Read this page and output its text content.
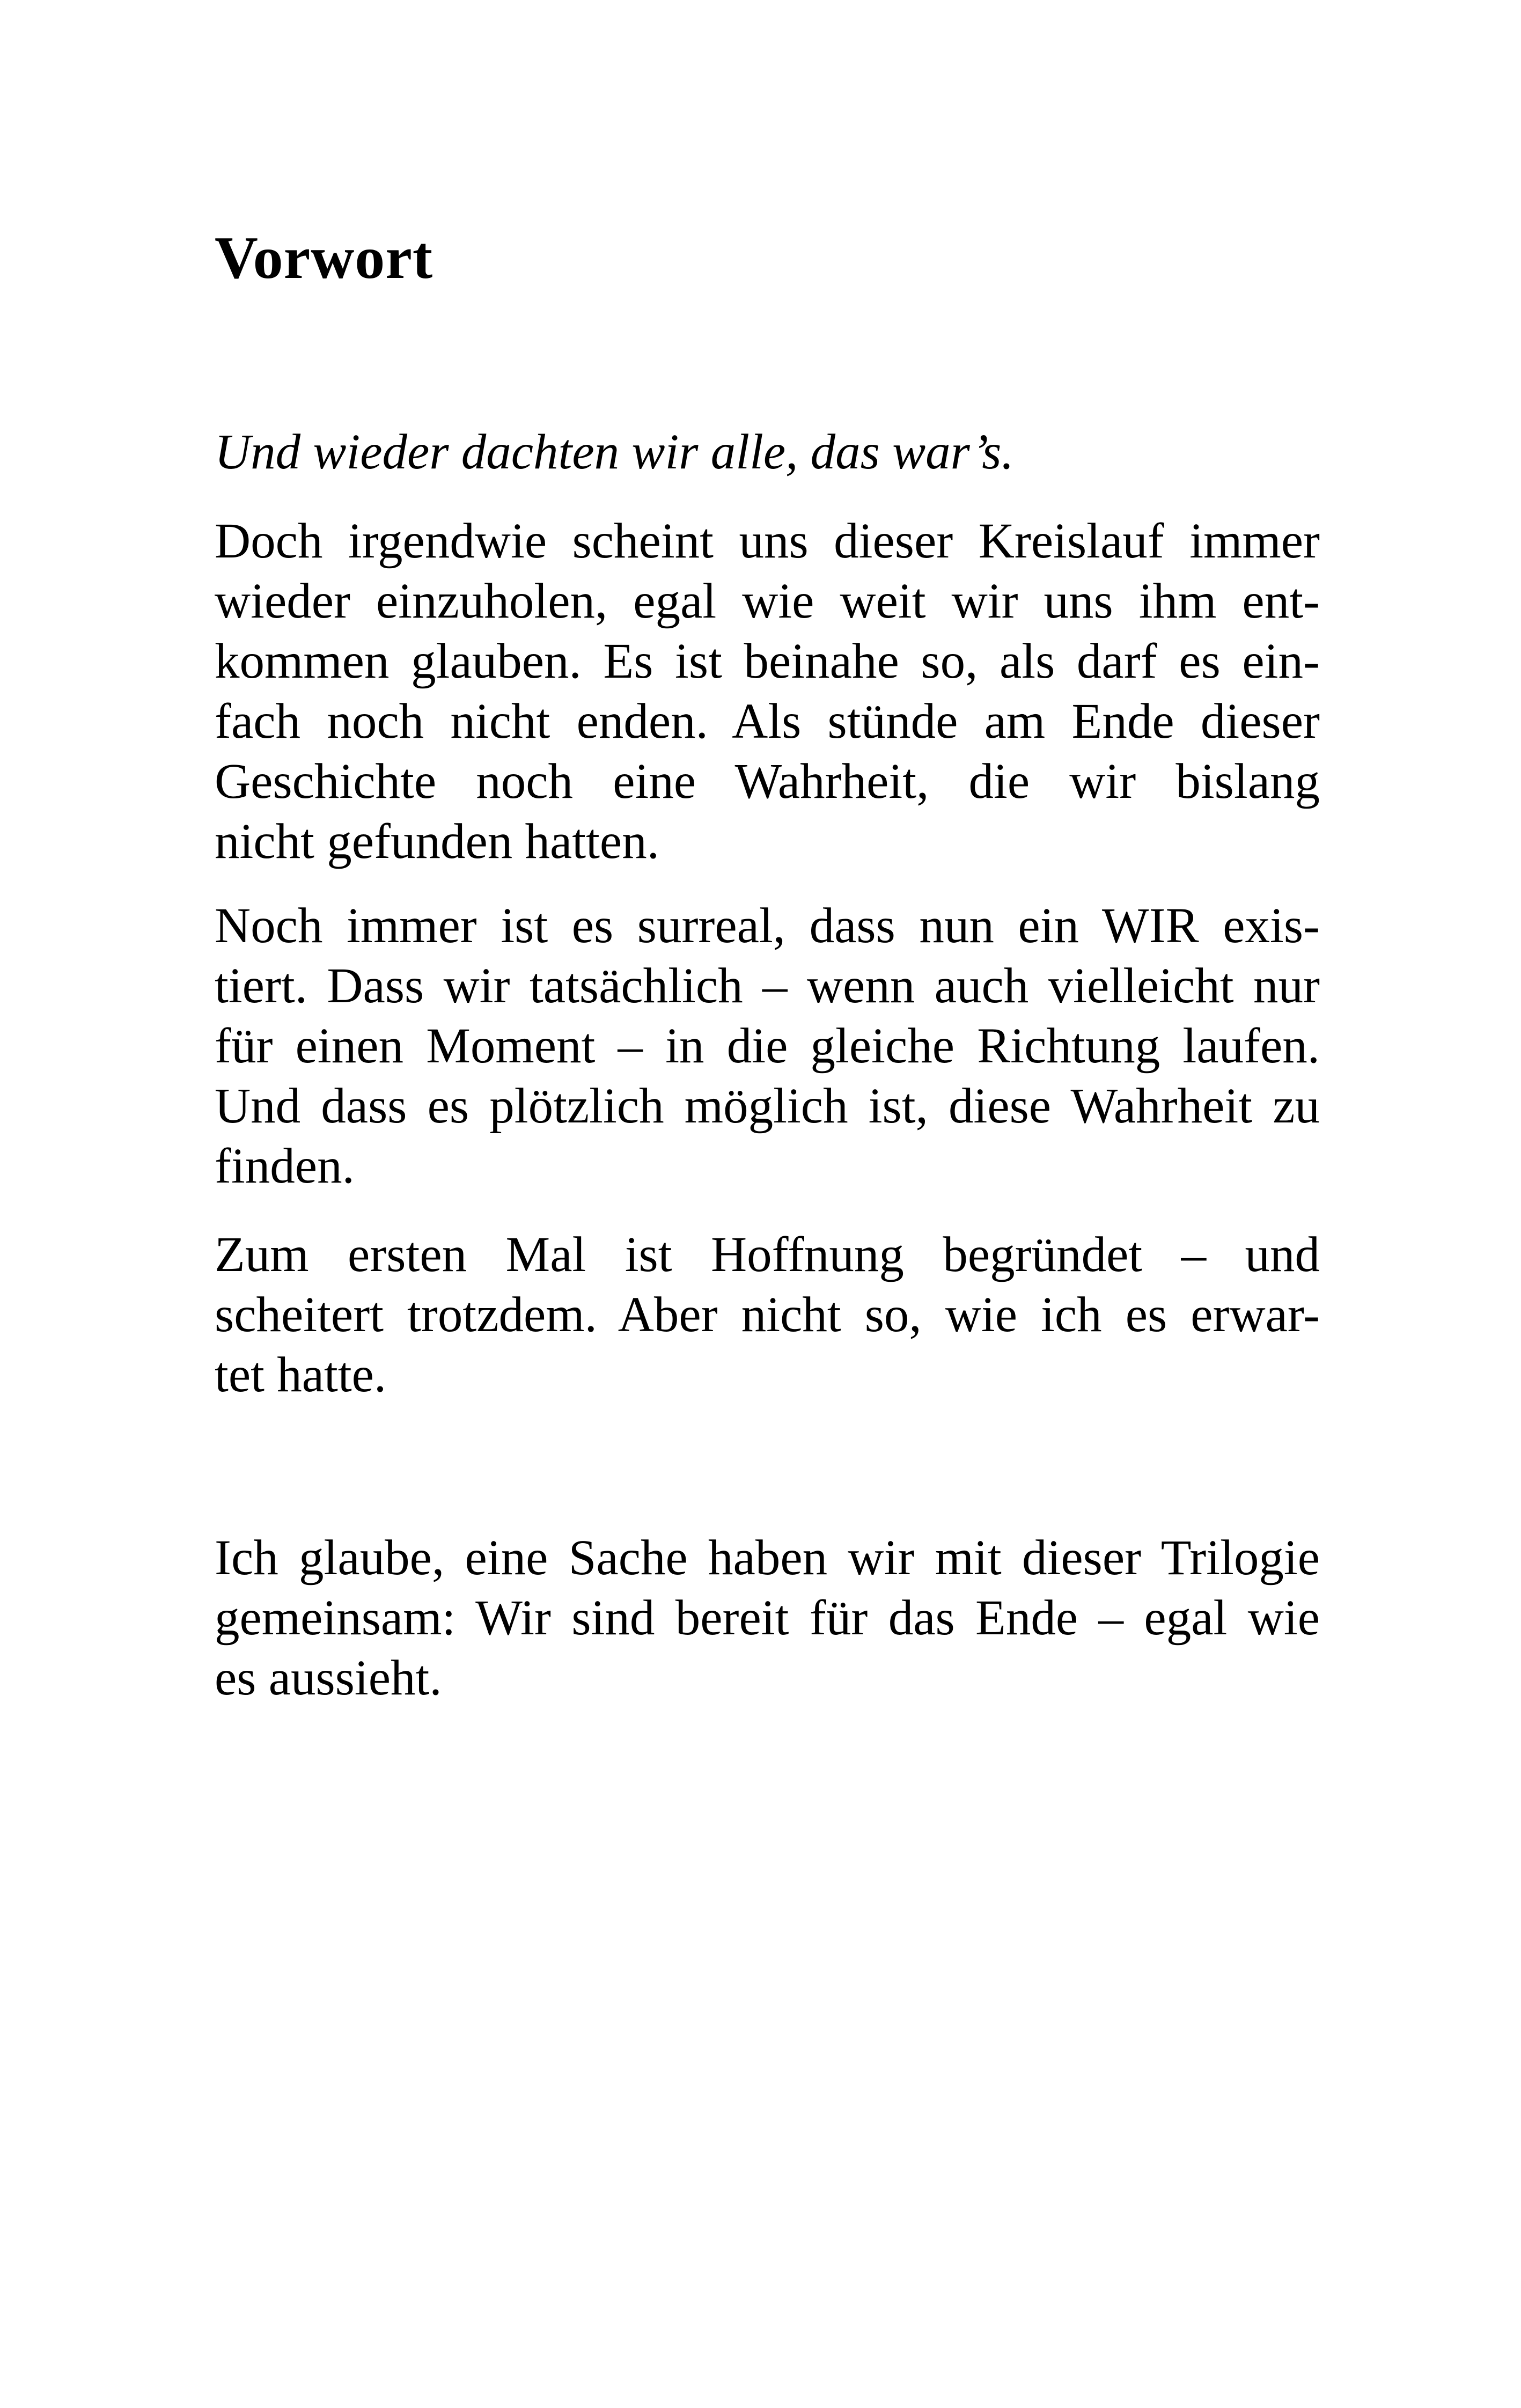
Vorwort

Und wieder dachten wir alle, das war’s.

Doch irgendwie scheint uns dieser Kreislauf immer
wieder einzuholen, egal wie weit wir uns ihm ent-
kommen glauben. Es ist beinahe so, als darf es ein-
fach noch nicht enden. Als stünde am Ende dieser
Geschichte noch eine Wahrheit, die wir bislang
nicht gefunden hatten.

Noch immer ist es surreal, dass nun ein WIR exis-
tiert. Dass wir tatsächlich – wenn auch vielleicht nur
für einen Moment – in die gleiche Richtung laufen.
Und dass es plötzlich möglich ist, diese Wahrheit zu
finden.

Zum ersten Mal ist Hoffnung begründet – und
scheitert trotzdem. Aber nicht so, wie ich es erwar-
tet hatte.

Ich glaube, eine Sache haben wir mit dieser Trilogie
gemeinsam: Wir sind bereit für das Ende – egal wie
es aussieht.
